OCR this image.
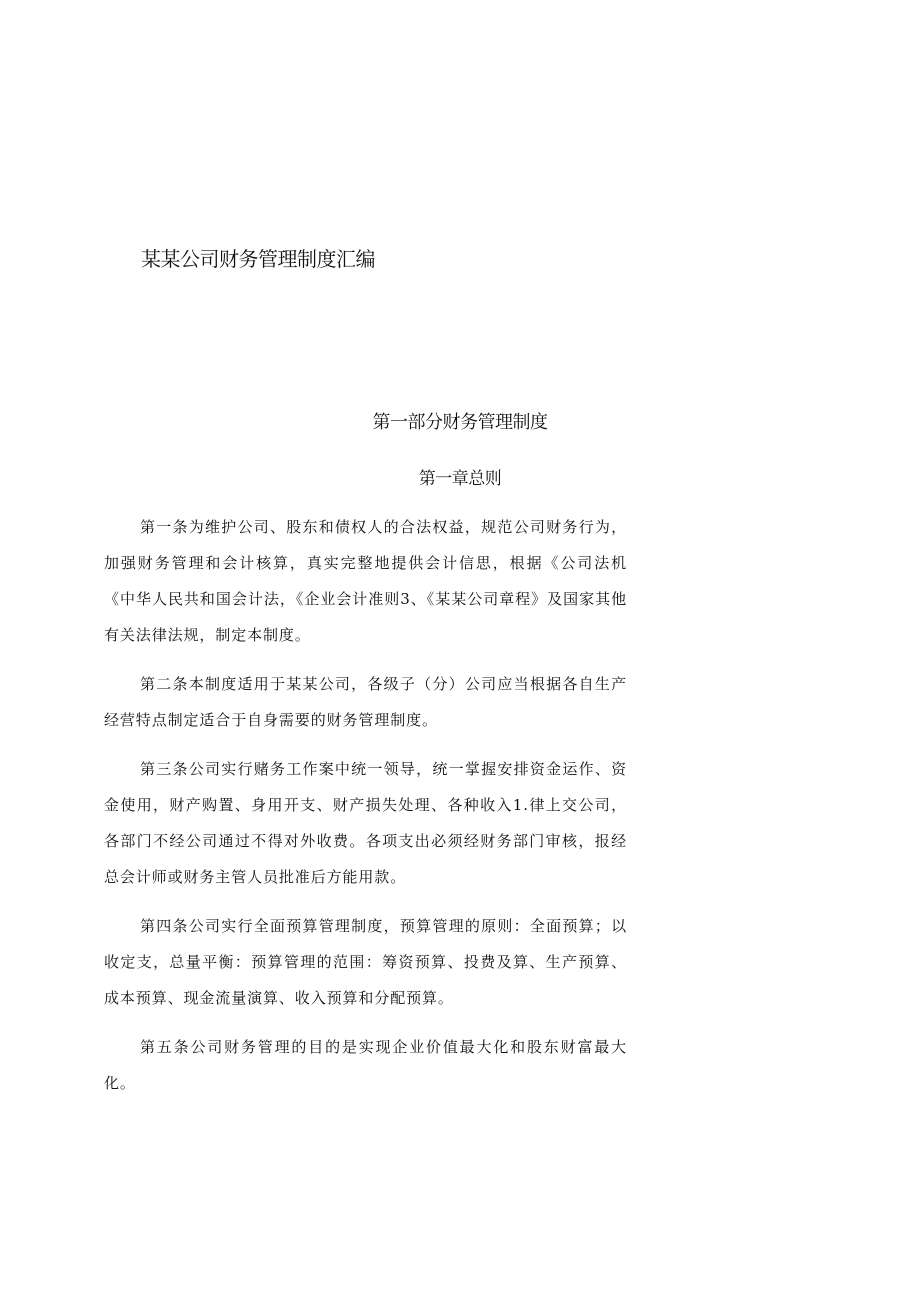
某某公司财务管理制度汇编
第一部分财务管理制度
第一章总则

第一条为维护公司、股东和债权人的合法权益，规范公司财务行为，加强财务管理和会计核算，真实完整地提供会计信思，根据《公司法机《中华人民共和国会计法，《企业会计准则3、《某某公司章程》及国家其他有关法律法规，制定本制度。

第二条本制度适用于某某公司，各级子（分）公司应当根据各自生产经营特点制定适合于自身需要的财务管理制度。

第三条公司实行赌务工作案中统一领导，统一掌握安排资金运作、资金使用，财产购置、身用开支、财产损失处理、各种收入1.律上交公司，各部门不经公司通过不得对外收费。各项支出必须经财务部门审核，报经总会计师或财务主管人员批准后方能用款。

第四条公司实行全面预算管理制度，预算管理的原则：全面预算；以收定支，总量平衡：预算管理的范围：筹资预算、投费及算、生产预算、成本预算、现金流量演算、收入预算和分配预算。

第五条公司财务管理的目的是实现企业价值最大化和股东财富最大化。
